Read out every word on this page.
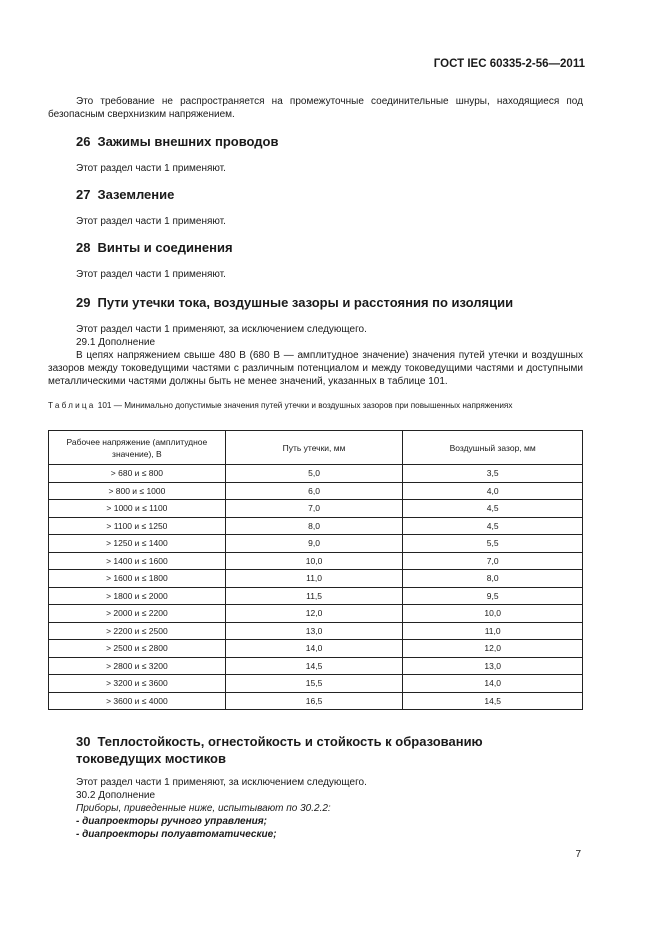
ГОСТ IEC 60335-2-56—2011
Это требование не распространяется на промежуточные соединительные шнуры, находящиеся под безопасным сверхнизким напряжением.
26 Зажимы внешних проводов
Этот раздел части 1 применяют.
27 Заземление
Этот раздел части 1 применяют.
28 Винты и соединения
Этот раздел части 1 применяют.
29 Пути утечки тока, воздушные зазоры и расстояния по изоляции
Этот раздел части 1 применяют, за исключением следующего.
29.1 Дополнение
В цепях напряжением свыше 480 В (680 В — амплитудное значение) значения путей утечки и воздушных зазоров между токоведущими частями с различным потенциалом и между токоведущими частями и доступными металлическими частями должны быть не менее значений, указанных в таблице 101.
Таблица 101 — Минимально допустимые значения путей утечки и воздушных зазоров при повышенных напряжениях
Рабочее напряжение (амплитудное значение), В	Путь утечки, мм	Воздушный зазор, мм
> 680 и ≤ 800	5,0	3,5
> 800 и ≤ 1000	6,0	4,0
> 1000 и ≤ 1100	7,0	4,5
> 1100 и ≤ 1250	8,0	4,5
> 1250 и ≤ 1400	9,0	5,5
> 1400 и ≤ 1600	10,0	7,0
> 1600 и ≤ 1800	11,0	8,0
> 1800 и ≤ 2000	11,5	9,5
> 2000 и ≤ 2200	12,0	10,0
> 2200 и ≤ 2500	13,0	11,0
> 2500 и ≤ 2800	14,0	12,0
> 2800 и ≤ 3200	14,5	13,0
> 3200 и ≤ 3600	15,5	14,0
> 3600 и ≤ 4000	16,5	14,5
30 Теплостойкость, огнестойкость и стойкость к образованию
токоведущих мостиков
Этот раздел части 1 применяют, за исключением следующего.
30.2 Дополнение
Приборы, приведенные ниже, испытывают по 30.2.2:
- диапроекторы ручного управления;
- диапроекторы полуавтоматические;
7
